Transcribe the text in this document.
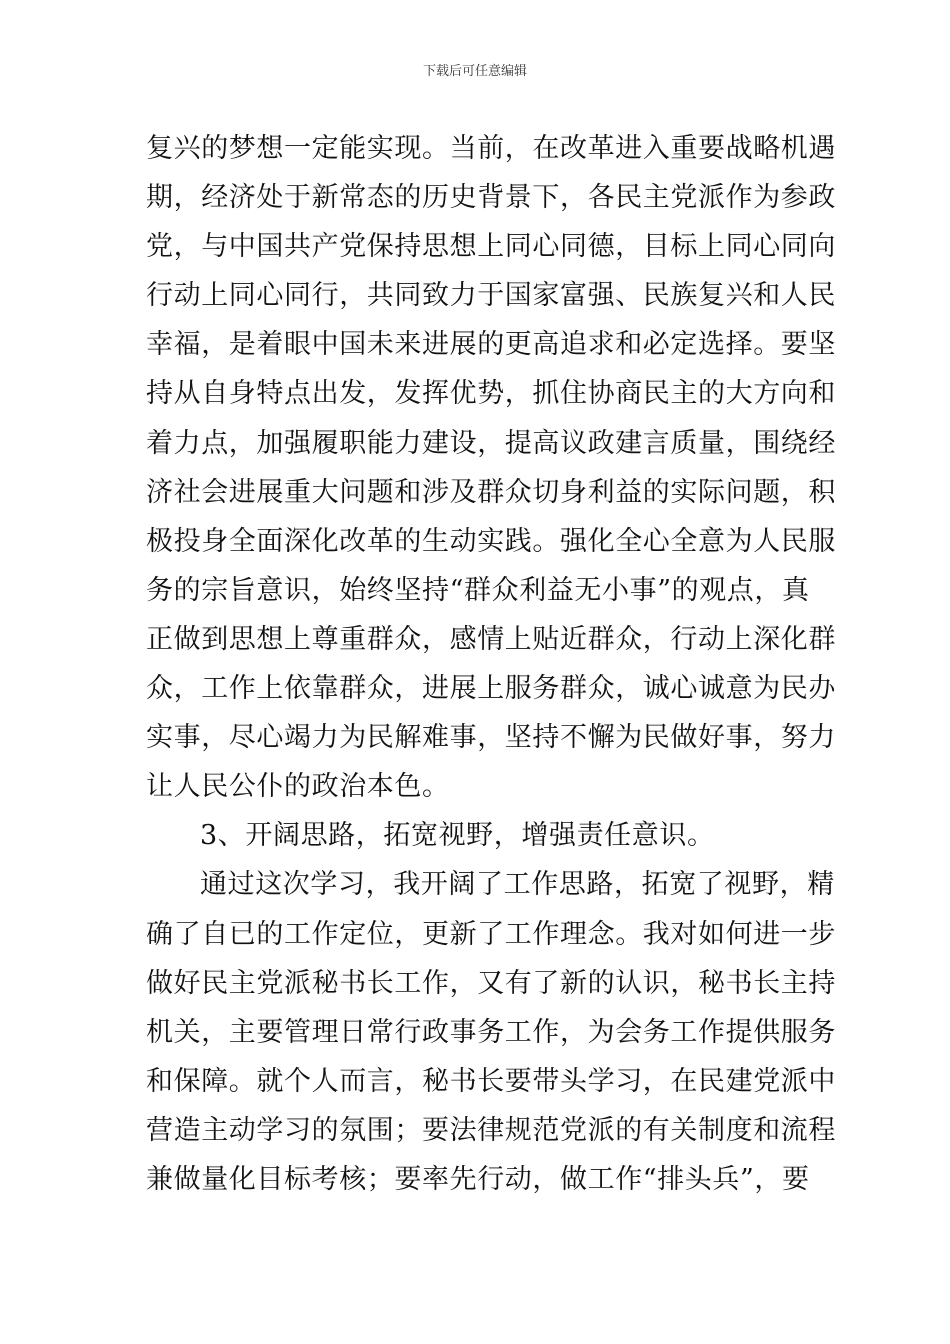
下载后可任意编辑
复兴的梦想一定能实现。当前，在改革进入重要战略机遇
期，经济处于新常态的历史背景下，各民主党派作为参政
党，与中国共产党保持思想上同心同德，目标上同心同向
行动上同心同行，共同致力于国家富强、民族复兴和人民
幸福，是着眼中国未来进展的更高追求和必定选择。要坚
持从自身特点出发，发挥优势，抓住协商民主的大方向和
着力点，加强履职能力建设，提高议政建言质量，围绕经
济社会进展重大问题和涉及群众切身利益的实际问题，积
极投身全面深化改革的生动实践。强化全心全意为人民服
务的宗旨意识，始终坚持“群众利益无小事”的观点，真
正做到思想上尊重群众，感情上贴近群众，行动上深化群
众，工作上依靠群众，进展上服务群众，诚心诚意为民办
实事，尽心竭力为民解难事，坚持不懈为民做好事，努力
让人民公仆的政治本色。
3、开阔思路，拓宽视野，增强责任意识。
通过这次学习，我开阔了工作思路，拓宽了视野，精
确了自已的工作定位，更新了工作理念。我对如何进一步
做好民主党派秘书长工作，又有了新的认识，秘书长主持
机关，主要管理日常行政事务工作，为会务工作提供服务
和保障。就个人而言，秘书长要带头学习，在民建党派中
营造主动学习的氛围；要法律规范党派的有关制度和流程
兼做量化目标考核；要率先行动，做工作“排头兵”，要
